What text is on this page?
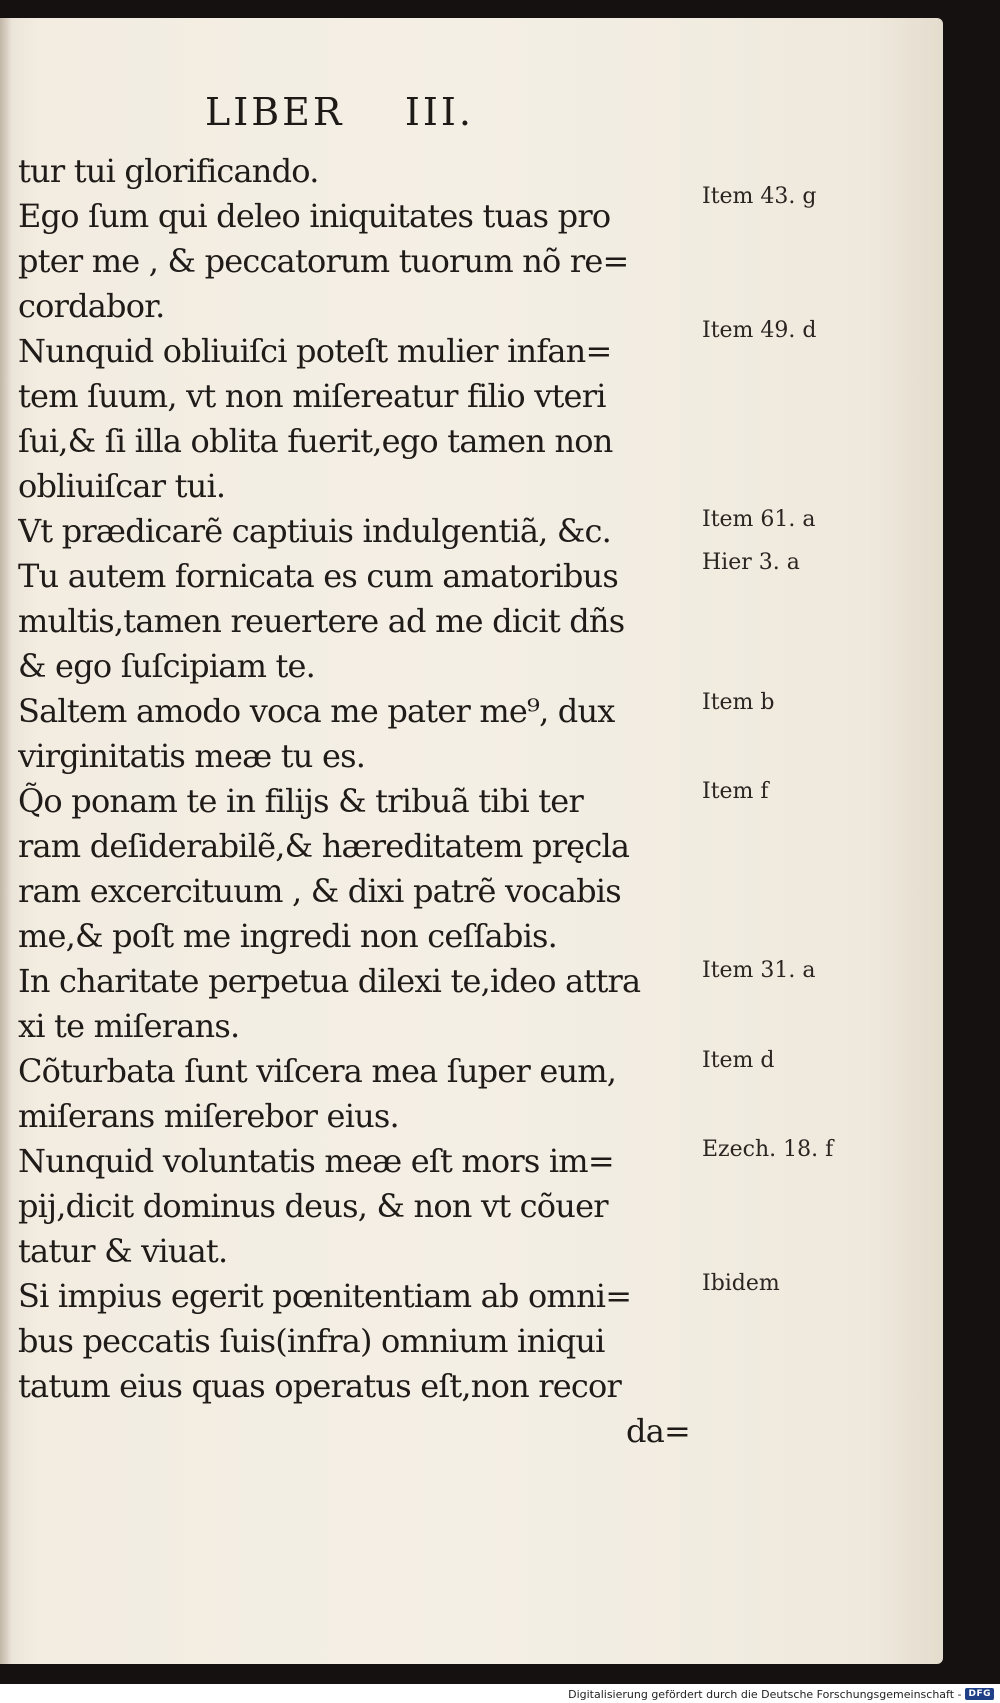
LIBER    III.
tur tui glorificando.
Ego ſum qui deleo iniquitates tuas pro
pter me , & peccatorum tuorum nõ re=
cordabor.
Nunquid obliuiſci poteſt mulier infan=
tem ſuum, vt non miſereatur filio vteri
ſui,& ſi illa oblita fuerit,ego tamen non
obliuiſcar tui.
Vt prædicarẽ captiuis indulgentiã, &c.
Tu autem fornicata es cum amatoribus
multis,tamen reuertere ad me dicit dñs
& ego ſuſcipiam te.
Saltem amodo voca me pater me⁹, dux
virginitatis meæ tu es.
Q̃o ponam te in filijs & tribuã tibi ter
ram deſiderabilẽ,& hæreditatem pręcla
ram excercituum , & dixi patrẽ vocabis
me,& poſt me ingredi non ceſſabis.
In charitate perpetua dilexi te,ideo attra
xi te miſerans.
Cõturbata ſunt viſcera mea ſuper eum,
miſerans miſerebor eius.
Nunquid voluntatis meæ eſt mors im=
pij,dicit dominus deus, & non vt cõuer
tatur & viuat.
Si impius egerit pœnitentiam ab omni=
bus peccatis ſuis(infra) omnium iniqui
tatum eius quas operatus eſt,non recor
da=
Item 43. g
Item 49. d
Item 61. a
Hier 3. a
Item b
Item f
Item 31. a
Item d
Ezech. 18. f
Ibidem
Digitalisierung gefördert durch die Deutsche Forschungsgemeinschaft - DFG
